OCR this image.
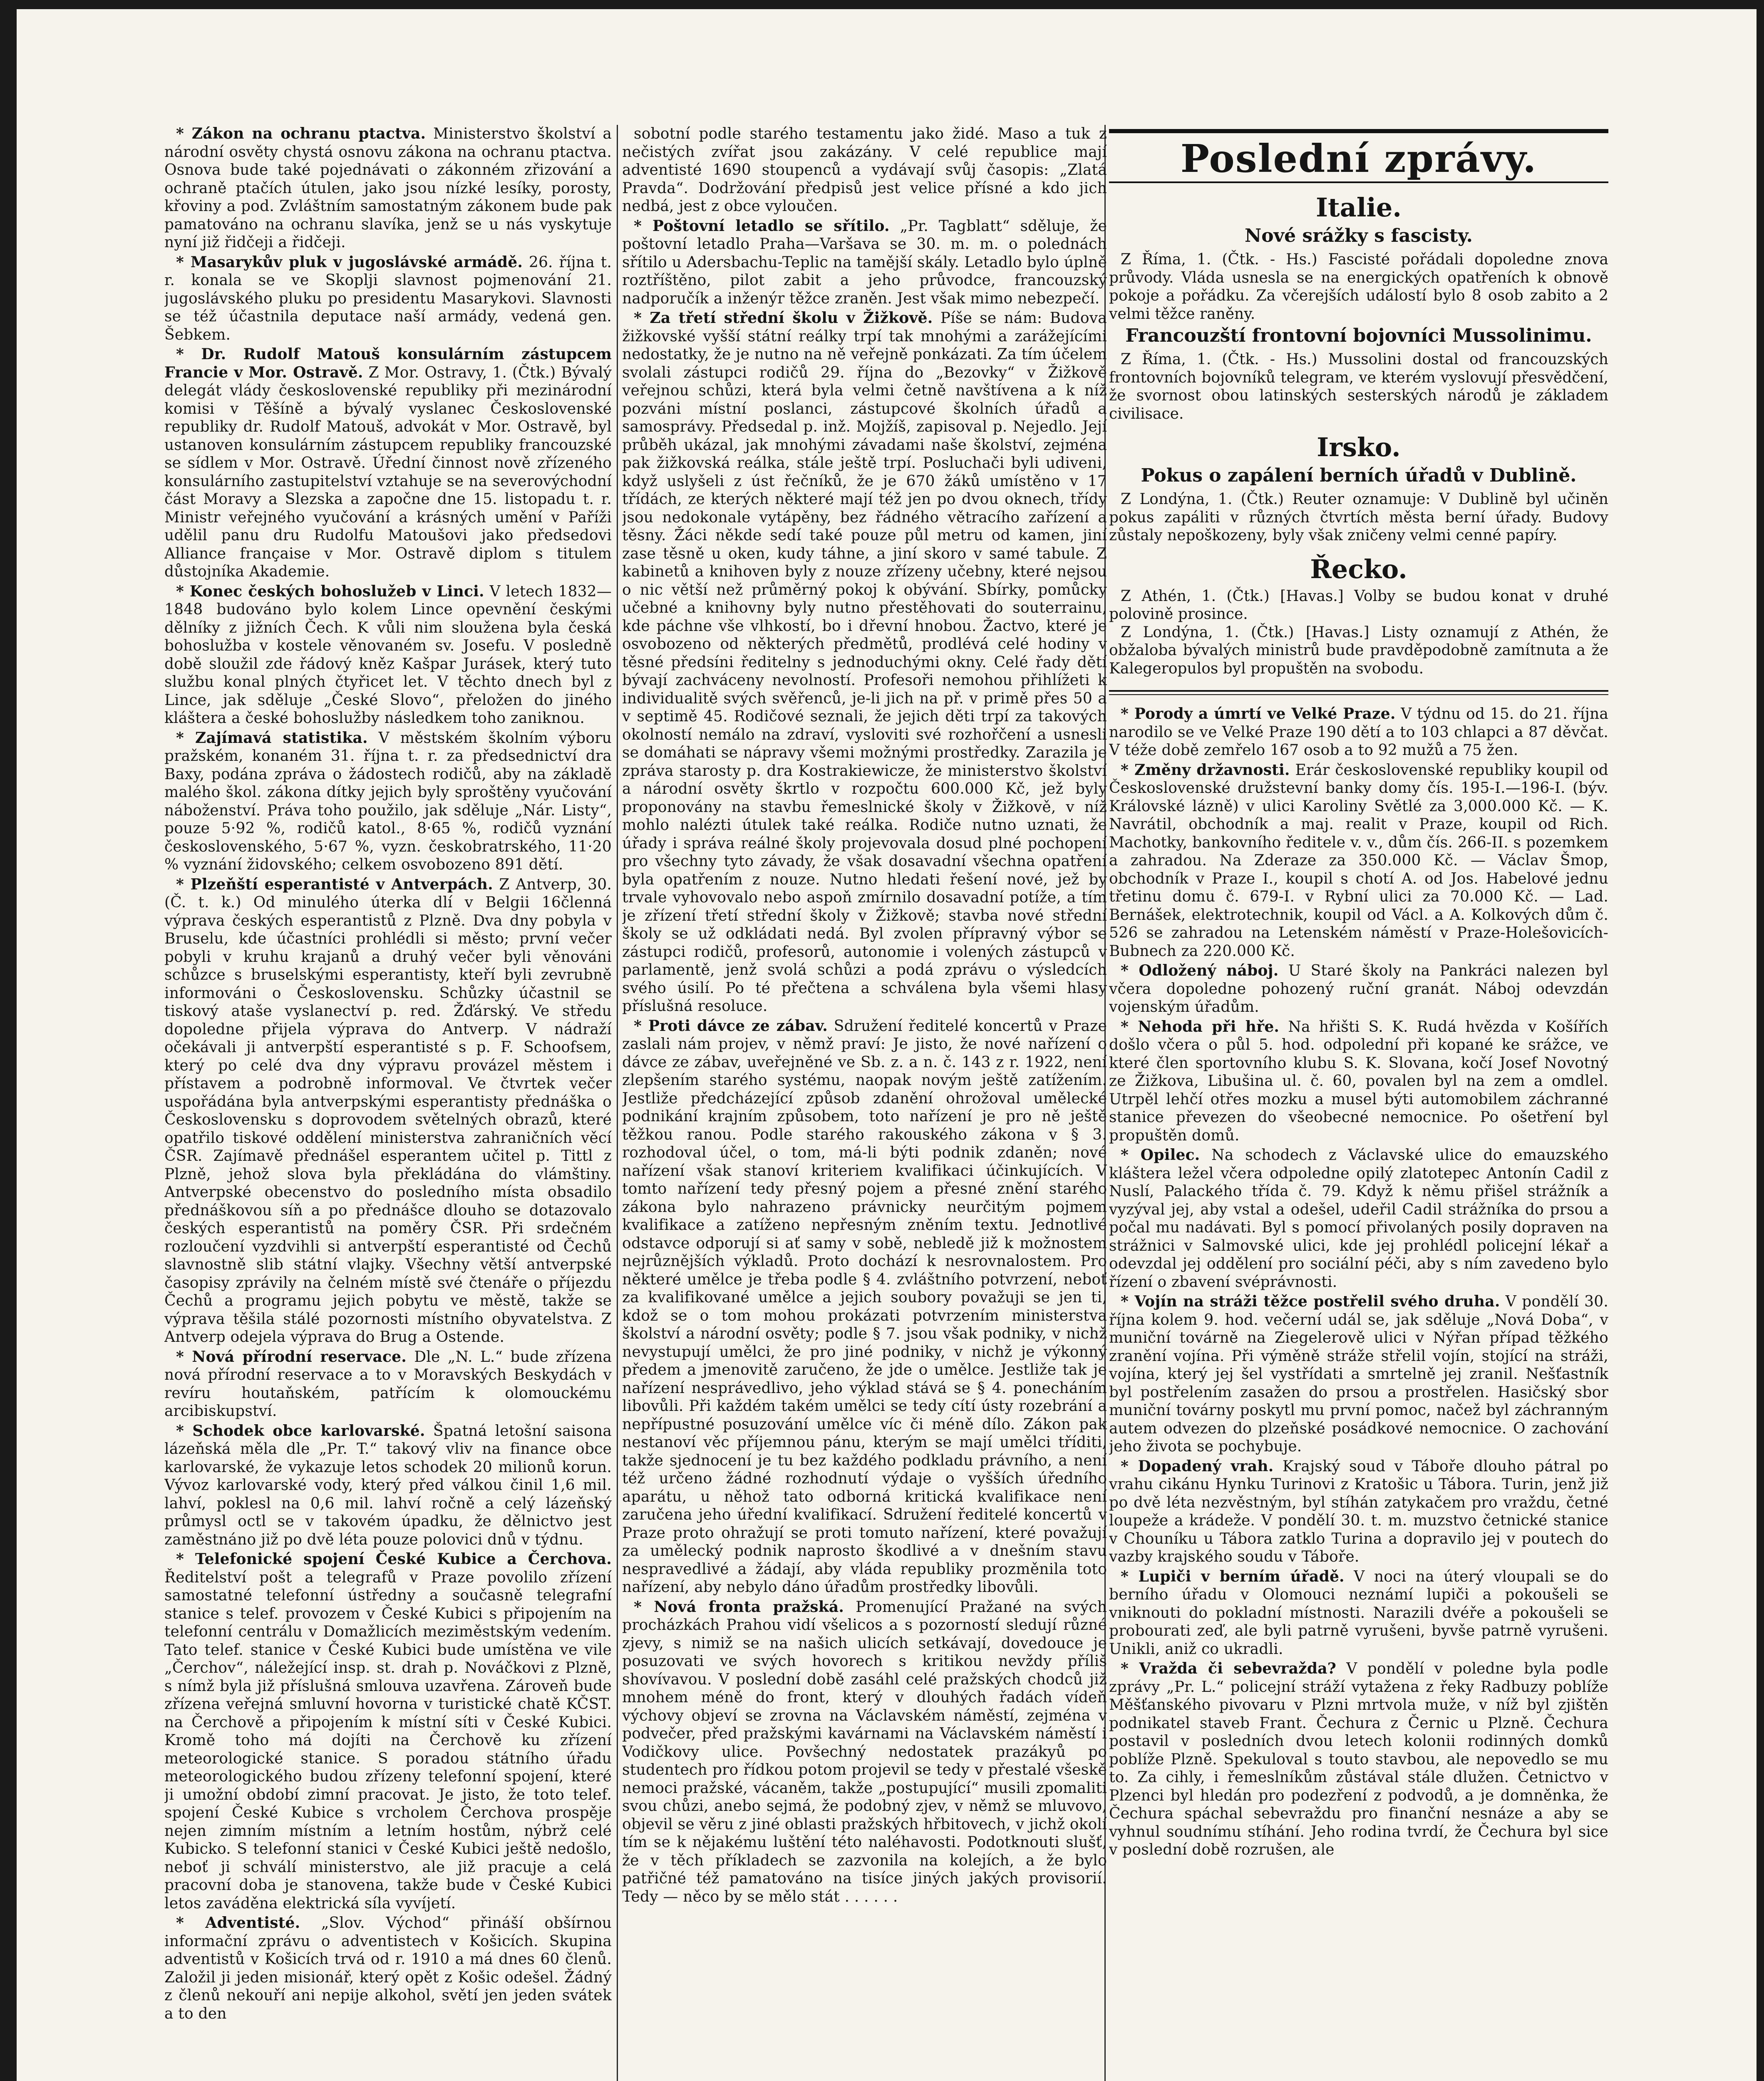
* Zákon na ochranu ptactva. Ministerstvo školství a národní osvěty chystá osnovu zákona na ochranu ptactva. Osnova bude také pojednávati o zákonném zřizování a ochraně ptačích útulen, jako jsou nízké lesíky, porosty, křoviny a pod. Zvláštním samostatným zákonem bude pak pamatováno na ochranu slavíka, jenž se u nás vyskytuje nyní již řidčeji a řidčeji.

* Masarykův pluk v jugoslávské armádě. 26. října t. r. konala se ve Skoplji slavnost pojmenování 21. jugoslávského pluku po presidentu Masarykovi. Slavnosti se též účastnila deputace naší armády, vedená gen. Šebkem.

* Dr. Rudolf Matouš konsulárním zástupcem Francie v Mor. Ostravě. Z Mor. Ostravy, 1. (Čtk.) Bývalý delegát vlády československé republiky při mezinárodní komisi v Těšíně a bývalý vyslanec Československé republiky dr. Rudolf Matouš, advokát v Mor. Ostravě, byl ustanoven konsulárním zástupcem republiky francouzské se sídlem v Mor. Ostravě. Úřední činnost nově zřízeného konsulárního zastupitelství vztahuje se na severovýchodní část Moravy a Slezska a započne dne 15. listopadu t. r. Ministr veřejného vyučování a krásných umění v Paříži udělil panu dru Rudolfu Matoušovi jako předsedovi Alliance française v Mor. Ostravě diplom s titulem důstojníka Akademie.

* Konec českých bohoslužeb v Linci. V letech 1832—1848 budováno bylo kolem Lince opevnění českými dělníky z jižních Čech. K vůli nim sloužena byla česká bohoslužba v kostele věnovaném sv. Josefu. V posledně době sloužil zde řádový kněz Kašpar Jurásek, který tuto službu konal plných čtyřicet let. V těchto dnech byl z Lince, jak sděluje „České Slovo“, přeložen do jiného kláštera a české bohoslužby následkem toho zaniknou.

* Zajímavá statistika. V městském školním výboru pražském, konaném 31. října t. r. za předsednictví dra Baxy, podána zpráva o žádostech rodičů, aby na základě malého škol. zákona dítky jejich byly sproštěny vyučování náboženství. Práva toho použilo, jak sděluje „Nár. Listy“, pouze 5·92 %, rodičů katol., 8·65 %, rodičů vyznání československého, 5·67 %, vyzn. českobratrského, 11·20 % vyznání židovského; celkem osvobozeno 891 dětí.

* Plzeňští esperantisté v Antverpách. Z Antverp, 30. (Č. t. k.) Od minulého úterka dlí v Belgii 16členná výprava českých esperantistů z Plzně. Dva dny pobyla v Bruselu, kde účastníci prohlédli si město; první večer pobyli v kruhu krajanů a druhý večer byli věnováni schůzce s bruselskými esperantisty, kteří byli zevrubně informováni o Československu. Schůzky účastnil se tiskový ataše vyslanectví p. red. Žďárský. Ve středu dopoledne přijela výprava do Antverp. V nádraží očekávali ji antverpští esperantisté s p. F. Schoofsem, který po celé dva dny výpravu provázel městem i přístavem a podrobně informoval. Ve čtvrtek večer uspořádána byla antverpskými esperantisty přednáška o Československu s doprovodem světelných obrazů, které opatřilo tiskové oddělení ministerstva zahraničních věcí ČSR. Zajímavě přednášel esperantem učitel p. Tittl z Plzně, jehož slova byla překládána do vlámštiny. Antverpské obecenstvo do posledního místa obsadilo přednáškovou síň a po přednášce dlouho se dotazovalo českých esperantistů na poměry ČSR. Při srdečném rozloučení vyzdvihli si antverpští esperantisté od Čechů slavnostně slib státní vlajky. Všechny větší antverpské časopisy zprávily na čelném místě své čtenáře o příjezdu Čechů a programu jejich pobytu ve městě, takže se výprava těšila stálé pozornosti místního obyvatelstva. Z Antverp odejela výprava do Brug a Ostende.

* Nová přírodní reservace. Dle „N. L.“ bude zřízena nová přírodní reservace a to v Moravských Beskydách v revíru houtaňském, patřícím k olomouckému arcibiskupství.

* Schodek obce karlovarské. Špatná letošní saisona lázeňská měla dle „Pr. T.“ takový vliv na finance obce karlovarské, že vykazuje letos schodek 20 milionů korun. Vývoz karlovarské vody, který před válkou činil 1,6 mil. lahví, poklesl na 0,6 mil. lahví ročně a celý lázeňský průmysl octl se v takovém úpadku, že dělnictvo jest zaměstnáno již po dvě léta pouze polovici dnů v týdnu.

* Telefonické spojení České Kubice a Čerchova. Ředitelství pošt a telegrafů v Praze povolilo zřízení samostatné telefonní ústředny a současně telegrafní stanice s telef. provozem v České Kubici s připojením na telefonní centrálu v Domažlicích meziměstským vedením. Tato telef. stanice v České Kubici bude umístěna ve vile „Čerchov“, náležející insp. st. drah p. Nováčkovi z Plzně, s nímž byla již příslušná smlouva uzavřena. Zároveň bude zřízena veřejná smluvní hovorna v turistické chatě KČST. na Čerchově a připojením k místní síti v České Kubici. Kromě toho má dojíti na Čerchově ku zřízení meteorologické stanice. S poradou státního úřadu meteorologického budou zřízeny telefonní spojení, které ji umožní období zimní pracovat. Je jisto, že toto telef. spojení České Kubice s vrcholem Čerchova prospěje nejen zimním místním a letním hostům, nýbrž celé Kubicko. S telefonní stanici v České Kubici ještě nedošlo, neboť ji schválí ministerstvo, ale již pracuje a celá pracovní doba je stanovena, takže bude v České Kubici letos zaváděna elektrická síla vyvíjetí.

* Adventisté. „Slov. Východ“ přináší obšírnou informační zprávu o adventistech v Košicích. Skupina adventistů v Košicích trvá od r. 1910 a má dnes 60 členů. Založil ji jeden misionář, který opět z Košic odešel. Žádný z členů nekouří ani nepije alkohol, světí jen jeden svátek a to den

sobotní podle starého testamentu jako židé. Maso a tuk z nečistých zvířat jsou zakázány. V celé republice mají adventisté 1690 stoupenců a vydávají svůj časopis: „Zlatá Pravda“. Dodržování předpisů jest velice přísné a kdo jich nedbá, jest z obce vyloučen.

* Poštovní letadlo se sřítilo. „Pr. Tagblatt“ sděluje, že poštovní letadlo Praha—Varšava se 30. m. m. o polednách sřítilo u Adersbachu-Teplic na tamější skály. Letadlo bylo úplně roztříštěno, pilot zabit a jeho průvodce, francouzský nadporučík a inženýr těžce zraněn. Jest však mimo nebezpečí.

* Za třetí střední školu v Žižkově. Píše se nám: Budova žižkovské vyšší státní reálky trpí tak mnohými a zarážejícími nedostatky, že je nutno na ně veřejně ponkázati. Za tím účelem svolali zástupci rodičů 29. října do „Bezovky“ v Žižkově veřejnou schůzi, která byla velmi četně navštívena a k níž pozváni místní poslanci, zástupcové školních úřadů a samosprávy. Předsedal p. inž. Mojžíš, zapisoval p. Nejedlo. Její průběh ukázal, jak mnohými závadami naše školství, zejména pak žižkovská reálka, stále ještě trpí. Posluchači byli udiveni, když uslyšeli z úst řečníků, že je 670 žáků umístěno v 17 třídách, ze kterých některé mají též jen po dvou oknech, třídy jsou nedokonale vytápěny, bez řádného větracího zařízení a těsny. Žáci někde sedí také pouze půl metru od kamen, jiní zase těsně u oken, kudy táhne, a jiní skoro v samé tabule. Z kabinetů a knihoven byly z nouze zřízeny učebny, které nejsou o nic větší než průměrný pokoj k obývání. Sbírky, pomůcky učebné a knihovny byly nutno přestěhovati do souterrainu, kde páchne vše vlhkostí, bo i dřevní hnobou. Žactvo, které je osvobozeno od některých předmětů, prodlévá celé hodiny v těsné předsíni ředitelny s jednoduchými okny. Celé řady dětí bývají zachváceny nevolností. Profesoři nemohou přihlížeti k individualitě svých svěřenců, je-li jich na př. v primě přes 50 a v septimě 45. Rodičové seznali, že jejich děti trpí za takových okolností nemálo na zdraví, vysloviti své rozhořčení a usnesli se domáhati se nápravy všemi možnými prostředky. Zarazila je zpráva starosty p. dra Kostrakiewicze, že ministerstvo školství a národní osvěty škrtlo v rozpočtu 600.000 Kč, jež byly proponovány na stavbu řemeslnické školy v Žižkově, v níž mohlo nalézti útulek také reálka. Rodiče nutno uznati, že úřady i správa reálné školy projevovala dosud plné pochopení pro všechny tyto závady, že však dosavadní všechna opatření byla opatřením z nouze. Nutno hledati řešení nové, jež by trvale vyhovovalo nebo aspoň zmírnilo dosavadní potíže, a tím je zřízení třetí střední školy v Žižkově; stavba nové střední školy se už odkládati nedá. Byl zvolen přípravný výbor se zástupci rodičů, profesorů, autonomie i volených zástupců v parlamentě, jenž svolá schůzi a podá zprávu o výsledcích svého úsilí. Po té přečtena a schválena byla všemi hlasy příslušná resoluce.

* Proti dávce ze zábav. Sdružení ředitelé koncertů v Praze zaslali nám projev, v němž praví: Je jisto, že nové nařízení o dávce ze zábav, uveřejněné ve Sb. z. a n. č. 143 z r. 1922, není zlepšením starého systému, naopak novým ještě zatížením. Jestliže předcházející způsob zdanění ohrožoval umělecké podnikání krajním způsobem, toto nařízení je pro ně ještě těžkou ranou. Podle starého rakouského zákona v § 3. rozhodoval účel, o tom, má-li býti podnik zdaněn; nové nařízení však stanoví kriteriem kvalifikaci účinkujících. V tomto nařízení tedy přesný pojem a přesné znění starého zákona bylo nahrazeno právnicky neurčitým pojmem kvalifikace a zatíženo nepřesným zněním textu. Jednotlivé odstavce odporují si ať samy v sobě, nebledě již k možnostem nejrůznějších výkladů. Proto dochází k nesrovnalostem. Pro některé umělce je třeba podle § 4. zvláštního potvrzení, neboť za kvalifikované umělce a jejich soubory považuji se jen ti, kdož se o tom mohou prokázati potvrzením ministerstva školství a národní osvěty; podle § 7. jsou však podniky, v nichž nevystupují umělci, že pro jiné podniky, v nichž je výkonný předem a jmenovitě zaručeno, že jde o umělce. Jestliže tak je nařízení nesprávedlivo, jeho výklad stává se § 4. ponecháním libovůli. Při každém takém umělci se tedy cítí ústy rozebrání a nepřípustné posuzování umělce víc či méně dílo. Zákon pak nestanoví věc příjemnou pánu, kterým se mají umělci tříditi, takže sjednocení je tu bez každého podkladu právního, a není též určeno žádné rozhodnutí výdaje o vyšších úředního aparátu, u něhož tato odborná kritická kvalifikace není zaručena jeho úřední kvalifikací. Sdružení ředitelé koncertů v Praze proto ohražují se proti tomuto nařízení, které považují za umělecký podnik naprosto škodlivé a v dnešním stavu nespravedlivé a žádají, aby vláda republiky prozměnila toto nařízení, aby nebylo dáno úřadům prostředky libovůli.

* Nová fronta pražská. Promenující Pražané na svých procházkách Prahou vidí všelicos a s pozorností sledují různé zjevy, s nimiž se na našich ulicích setkávají, dovedouce je posuzovati ve svých hovorech s kritikou nevždy příliš shovívavou. V poslední době zasáhl celé pražských chodců již mnohem méně do front, který v dlouhých řadách vídeň výchovy objeví se zrovna na Václavském náměstí, zejména v podvečer, před pražskými kavárnami na Václavském náměstí i Vodičkovy ulice. Povšechný nedostatek prazákyů po studentech pro řídkou potom projevil se tedy v přestalé všeskě nemoci pražské, vácaněm, takže „postupující“ musili zpomaliti svou chůzi, anebo sejmá, že podobný zjev, v němž se mluvovo, objevil se věru z jiné oblasti pražských hřbitovech, v jichž okolí tím se k nějakému luštění této naléhavosti. Podotknouti slušť, že v těch příkladech se zazvonila na kolejích, a že bylo patřičné též pamatováno na tisíce jiných jakých provisorií. Tedy — něco by se mělo stát . . . . . .

Poslední zprávy.
Italie.
Nové srážky s fascisty.

Z Říma, 1. (Čtk. - Hs.) Fascisté pořádali dopoledne znova průvody. Vláda usnesla se na energických opatřeních k obnově pokoje a pořádku. Za včerejších událostí bylo 8 osob zabito a 2 velmi těžce raněny.

Francouzští frontovní bojovníci Mussolinimu.

Z Říma, 1. (Čtk. - Hs.) Mussolini dostal od francouzských frontovních bojovníků telegram, ve kterém vyslovují přesvědčení, že svornost obou latinských sesterských národů je základem civilisace.

Irsko.
Pokus o zapálení berních úřadů v Dublině.

Z Londýna, 1. (Čtk.) Reuter oznamuje: V Dublině byl učiněn pokus zapáliti v různých čtvrtích města berní úřady. Budovy zůstaly nepoškozeny, byly však zničeny velmi cenné papíry.

Řecko.

Z Athén, 1. (Čtk.) [Havas.] Volby se budou konat v druhé polovině prosince.

Z Londýna, 1. (Čtk.) [Havas.] Listy oznamují z Athén, že obžaloba bývalých ministrů bude pravděpodobně zamítnuta a že Kalegeropulos byl propuštěn na svobodu.

* Porody a úmrtí ve Velké Praze. V týdnu od 15. do 21. října narodilo se ve Velké Praze 190 dětí a to 103 chlapci a 87 děvčat. V téže době zemřelo 167 osob a to 92 mužů a 75 žen.

* Změny državnosti. Erár československé republiky koupil od Československé družstevní banky domy čís. 195-I.—196-I. (býv. Královské lázně) v ulici Karoliny Světlé za 3,000.000 Kč. — K. Navrátil, obchodník a maj. realit v Praze, koupil od Rich. Machotky, bankovního ředitele v. v., dům čís. 266-II. s pozemkem a zahradou. Na Zderaze za 350.000 Kč. — Václav Šmop, obchodník v Praze I., koupil s chotí A. od Jos. Habelové jednu třetinu domu č. 679-I. v Rybní ulici za 70.000 Kč. — Lad. Bernášek, elektrotechnik, koupil od Václ. a A. Kolkových dům č. 526 se zahradou na Letenském náměstí v Praze-Holešovicích-Bubnech za 220.000 Kč.

* Odložený náboj. U Staré školy na Pankráci nalezen byl včera dopoledne pohozený ruční granát. Náboj odevzdán vojenským úřadům.

* Nehoda při hře. Na hřišti S. K. Rudá hvězda v Košířích došlo včera o půl 5. hod. odpolední při kopané ke srážce, ve které člen sportovního klubu S. K. Slovana, kočí Josef Novotný ze Žižkova, Libušina ul. č. 60, povalen byl na zem a omdlel. Utrpěl lehčí otřes mozku a musel býti automobilem záchranné stanice převezen do všeobecné nemocnice. Po ošetření byl propuštěn domů.

* Opilec. Na schodech z Václavské ulice do emauzského kláštera ležel včera odpoledne opilý zlatotepec Antonín Cadil z Nuslí, Palackého třída č. 79. Když k němu přišel strážník a vyzýval jej, aby vstal a odešel, udeřil Cadil strážníka do prsou a počal mu nadávati. Byl s pomocí přivolaných posily dopraven na strážnici v Salmovské ulici, kde jej prohlédl policejní lékař a odevzdal jej oddělení pro sociální péči, aby s ním zavedeno bylo řízení o zbavení svéprávnosti.

* Vojín na stráži těžce postřelil svého druha. V pondělí 30. října kolem 9. hod. večerní udál se, jak sděluje „Nová Doba“, v muniční továrně na Ziegelerově ulici v Nýřan případ těžkého zranění vojína. Při výměně stráže střelil vojín, stojící na stráži, vojína, který jej šel vystřídati a smrtelně jej zranil. Nešťastník byl postřelením zasažen do prsou a prostřelen. Hasičský sbor muniční továrny poskytl mu první pomoc, načež byl záchranným autem odvezen do plzeňské posádkové nemocnice. O zachování jeho života se pochybuje.

* Dopadený vrah. Krajský soud v Táboře dlouho pátral po vrahu cikánu Hynku Turinovi z Kratošic u Tábora. Turin, jenž již po dvě léta nezvěstným, byl stíhán zatykačem pro vraždu, četné loupeže a krádeže. V pondělí 30. t. m. muzstvo četnické stanice v Chouníku u Tábora zatklo Turina a dopravilo jej v poutech do vazby krajského soudu v Táboře.

* Lupiči v berním úřadě. V noci na úterý vloupali se do berního úřadu v Olomouci neznámí lupiči a pokoušeli se vniknouti do pokladní místnosti. Narazili dvéře a pokoušeli se probourati zeď, ale byli patrně vyrušeni, byvše patrně vyrušeni. Unikli, aniž co ukradli.

* Vražda či sebevražda? V pondělí v poledne byla podle zprávy „Pr. L.“ policejní stráží vytažena z řeky Radbuzy poblíže Měšťanského pivovaru v Plzni mrtvola muže, v níž byl zjištěn podnikatel staveb Frant. Čechura z Černic u Plzně. Čechura postavil v posledních dvou letech kolonii rodinných domků poblíže Plzně. Spekuloval s touto stavbou, ale nepovedlo se mu to. Za cihly, i řemeslníkům zůstával stále dlužen. Četnictvo v Plzenci byl hledán pro podezření z podvodů, a je domněnka, že Čechura spáchal sebevraždu pro finanční nesnáze a aby se vyhnul soudnímu stíhání. Jeho rodina tvrdí, že Čechura byl sice v poslední době rozrušen, ale
